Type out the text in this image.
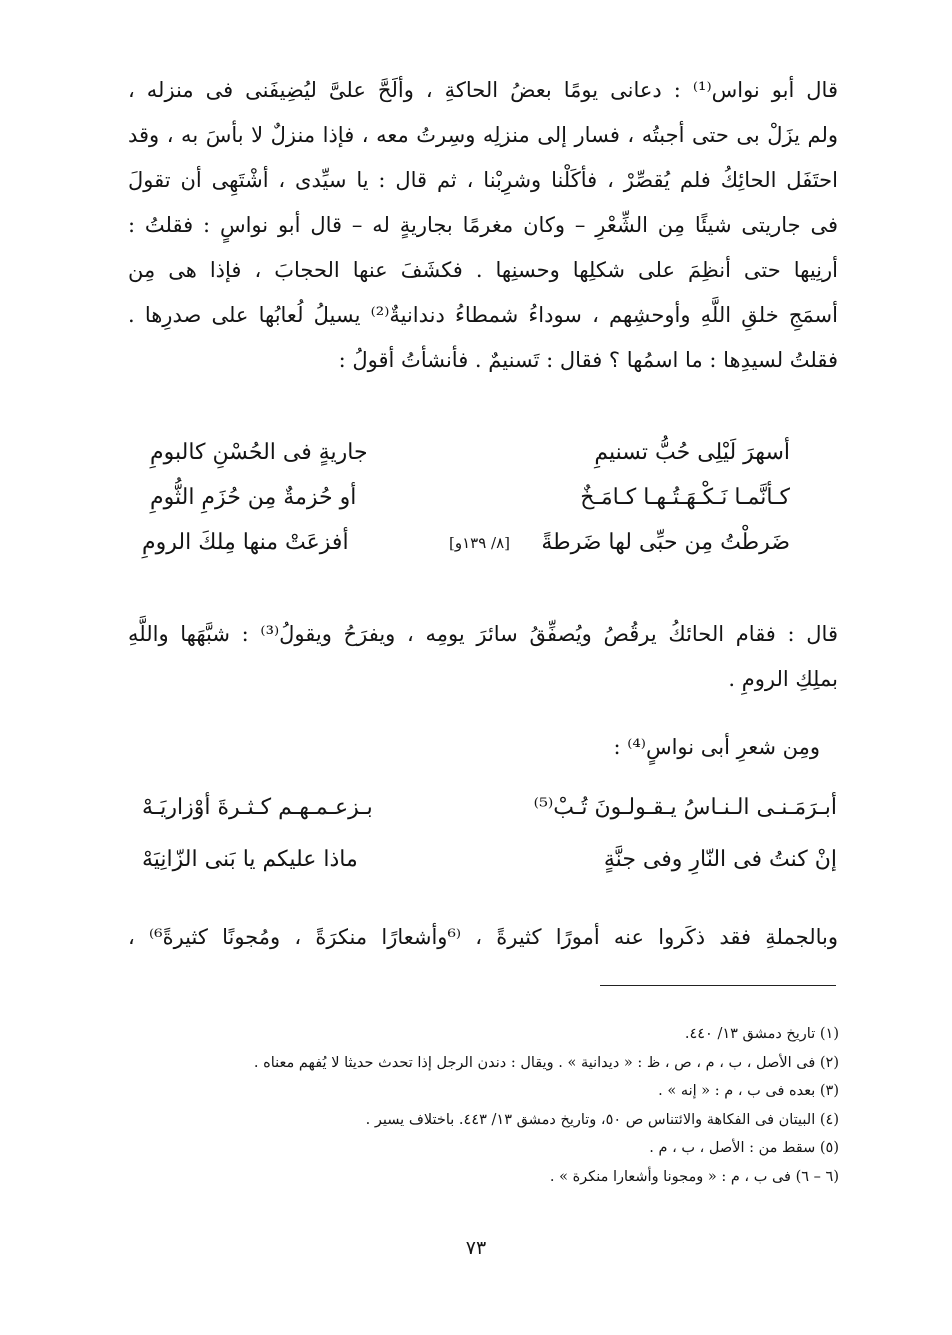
قال أبو نواس⁽¹⁾ : دعانى يومًا بعضُ الحاكةِ ، وألَحَّ علىَّ ليُضِيفَنى فى منزله ،
ولم يزَلْ بى حتى أجبتُه ، فسار إلى منزلِه وسِرتُ معه ، فإذا منزلٌ لا بأسَ به ، وقد
احتَفَل الحائِكُ فلم يُقصِّرْ ، فأكَلْنا وشرِبْنا ، ثم قال : يا سيِّدى ، أشْتَهِى أن تقولَ
فى جاريتى شيئًا مِن الشِّعْرِ – وكان مغرمًا بجاريةٍ له – قال أبو نواسٍ : فقلتُ :
أرنِيها حتى أنظِمَ على شكلِها وحسنِها . فكشَفَ عنها الحجابَ ، فإذا هى مِن
أسمَجِ خلقِ اللَّهِ وأوحشِهم ، سوداءُ شمطاءُ دندانيةٌ⁽²⁾ يسيلُ لُعابُها على صدرِها .
فقلتُ لسيدِها : ما اسمُها ؟ فقال : تَسنيمٌ . فأنشأتُ أقولُ :
أسهرَ لَيْلِى حُبُّ تسنيمِ
جاريةٍ فى الحُسْنِ كالبومِ
كـأنَّمـا نَـكْـهَـتُـهـا كـامَـخٌ
أو حُزمةٌ مِن حُزَمِ الثُّومِ
ضَرطْتُ مِن حبِّى لها ضَرطةً
أفزعَتْ منها مِلكَ الرومِ	[٨/ ١٣٩و]
قال : فقام الحائكُ يرقُصُ ويُصفِّقُ سائرَ يومِه ، ويفرَحُ ويقولُ⁽³⁾ : شبَّهَها واللَّهِ
بملِكِ الرومِ .
ومِن شعرِ أبى نواسٍ⁽⁴⁾ :
أبـرَمَـنـى الـنـاسُ يـقـولـونَ تُـبْ⁽⁵⁾
بـزعـمـهـم كـثـرةَ أوْزاريَـهْ
إنْ كنتُ فى النّارِ وفى جنَّةٍ
ماذا عليكم يا بَنى الزّانِيَهْ
وبالجملةِ فقد ذكَروا عنه أمورًا كثيرةً ، ⁽⁶وأشعارًا منكرَةً ، ومُجونًا كثيرةً⁶⁾ ،
(١) تاريخ دمشق ١٣/ ٤٤٠.
(٢) فى الأصل ، ب ، م ، ص ، ظ : « ديدانية » . ويقال : دندن الرجل إذا تحدث حديثا لا يُفهم معناه .
(٣) بعده فى ب ، م : « إنه » .
(٤) البيتان فى الفكاهة والائتناس ص ٥٠، وتاريخ دمشق ١٣/ ٤٤٣. باختلاف يسير .
(٥) سقط من : الأصل ، ب ، م .
(٦ – ٦) فى ب ، م : « ومجونا وأشعارا منكرة » .
٧٣
